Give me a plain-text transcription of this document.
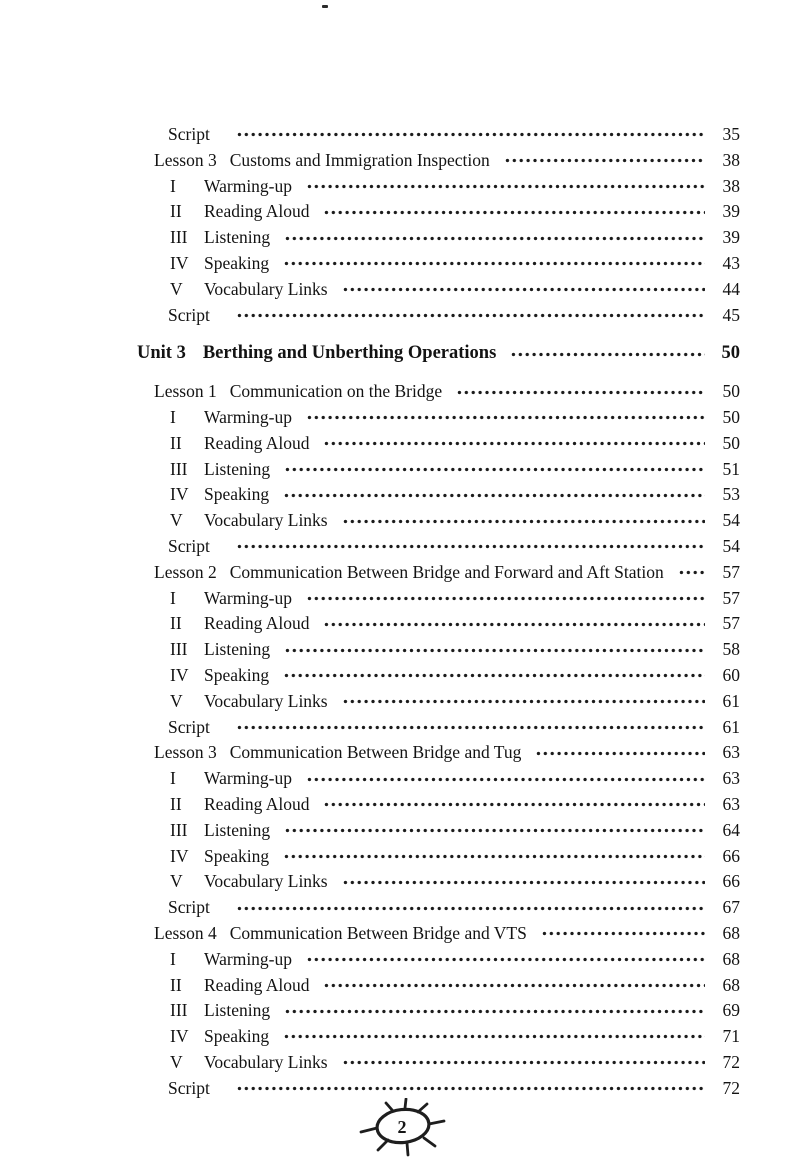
Script	35
Lesson 3 Customs and Immigration Inspection	38
I	Warming-up	38
II	Reading Aloud	39
III Listening	39
IV Speaking	43
V	Vocabulary Links	44
Script	45
Unit 3 Berthing and Unberthing Operations	50
Lesson 1 Communication on the Bridge	50
I	Warming-up	50
II	Reading Aloud	50
III Listening	51
IV Speaking	53
V	Vocabulary Links	54
Script	54
Lesson 2 Communication Between Bridge and Forward and Aft Station	57
I	Warming-up	57
II	Reading Aloud	57
III Listening	58
IV Speaking	60
V	Vocabulary Links	61
Script	61
Lesson 3 Communication Between Bridge and Tug	63
I	Warming-up	63
II	Reading Aloud	63
III Listening	64
IV Speaking	66
V	Vocabulary Links	66
Script	67
Lesson 4 Communication Between Bridge and VTS	68
I	Warming-up	68
II	Reading Aloud	68
III Listening	69
IV Speaking	71
V	Vocabulary Links	72
Script	72
2
